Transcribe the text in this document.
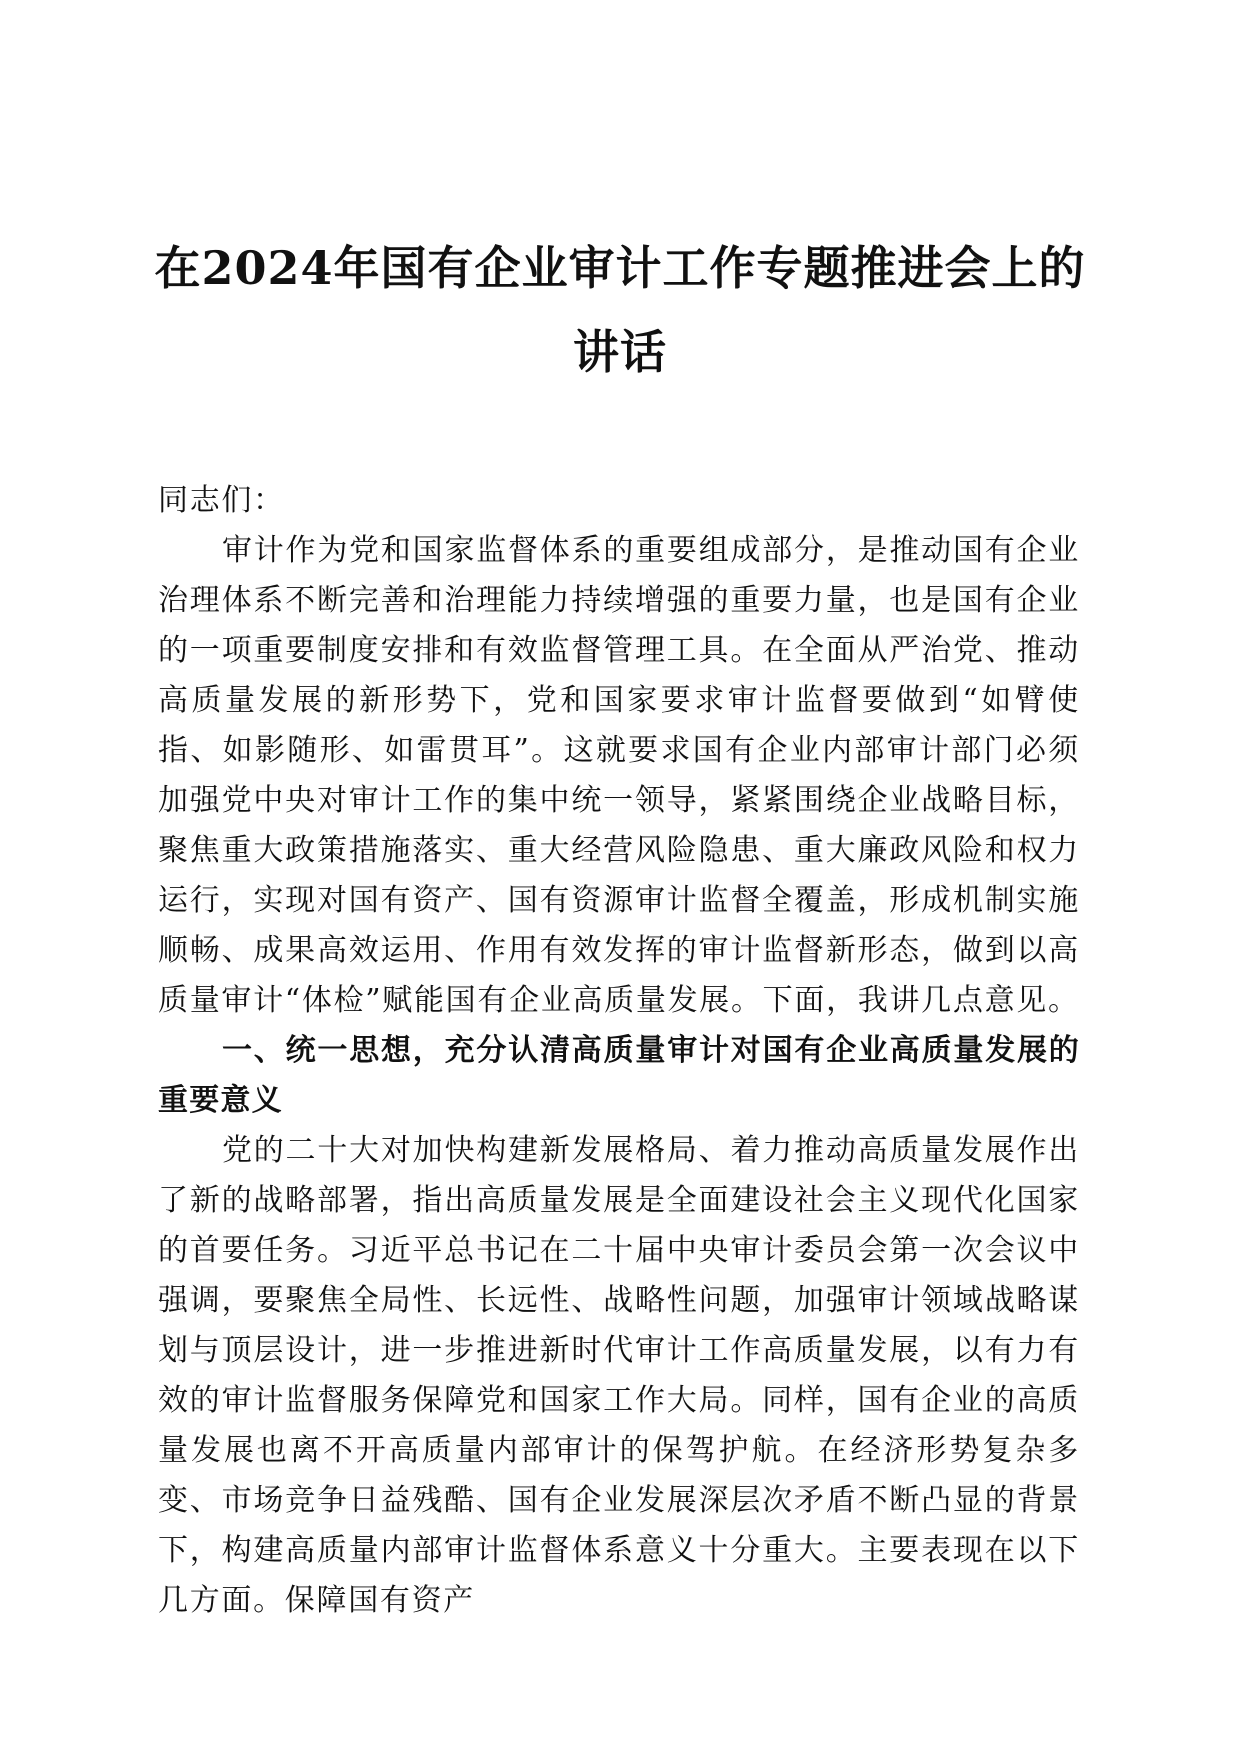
在2024年国有企业审计工作专题推进会上的
讲话

同志们：

审计作为党和国家监督体系的重要组成部分，是推动国有企业治理体系不断完善和治理能力持续增强的重要力量，也是国有企业的一项重要制度安排和有效监督管理工具。在全面从严治党、推动高质量发展的新形势下，党和国家要求审计监督要做到“如臂使指、如影随形、如雷贯耳”。这就要求国有企业内部审计部门必须加强党中央对审计工作的集中统一领导，紧紧围绕企业战略目标，聚焦重大政策措施落实、重大经营风险隐患、重大廉政风险和权力运行，实现对国有资产、国有资源审计监督全覆盖，形成机制实施顺畅、成果高效运用、作用有效发挥的审计监督新形态，做到以高质量审计“体检”赋能国有企业高质量发展。下面，我讲几点意见。

一、统一思想，充分认清高质量审计对国有企业高质量发展的重要意义

党的二十大对加快构建新发展格局、着力推动高质量发展作出了新的战略部署，指出高质量发展是全面建设社会主义现代化国家的首要任务。习近平总书记在二十届中央审计委员会第一次会议中强调，要聚焦全局性、长远性、战略性问题，加强审计领域战略谋划与顶层设计，进一步推进新时代审计工作高质量发展，以有力有效的审计监督服务保障党和国家工作大局。同样，国有企业的高质量发展也离不开高质量内部审计的保驾护航。在经济形势复杂多变、市场竞争日益残酷、国有企业发展深层次矛盾不断凸显的背景下，构建高质量内部审计监督体系意义十分重大。主要表现在以下几方面。保障国有资产
